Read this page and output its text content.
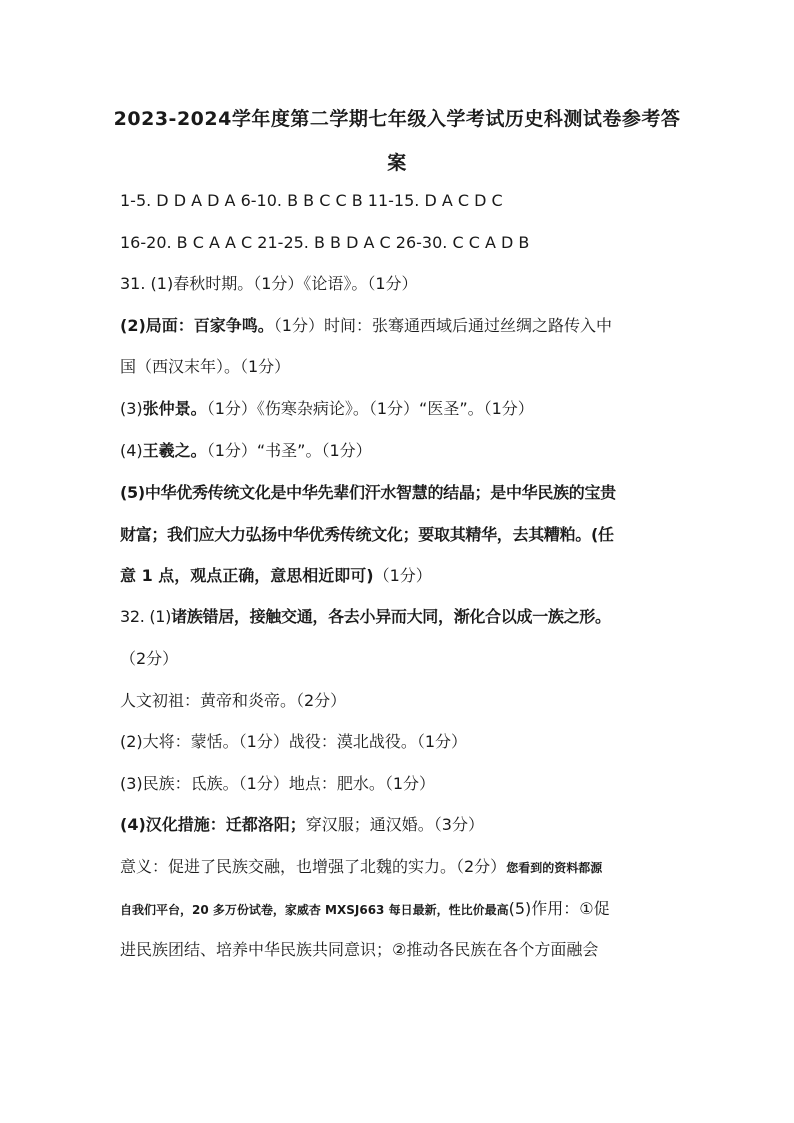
2023-2024学年度第二学期七年级入学考试历史科测试卷参考答
案
1-5. D D A D A 6-10. B B C C B 11-15. D A C D C
16-20. B C A A C 21-25. B B D A C 26-30. C C A D B
31. (1)春秋时期。（1分）《论语》。（1分）
(2)局面：百家争鸣。（1分）时间：张骞通西域后通过丝绸之路传入中
国（西汉末年）。（1分）
(3)张仲景。（1分）《伤寒杂病论》。（1分）“医圣”。（1分）
(4)王羲之。（1分）“书圣”。（1分）
(5)中华优秀传统文化是中华先辈们汗水智慧的结晶；是中华民族的宝贵
财富；我们应大力弘扬中华优秀传统文化；要取其精华，去其糟粕。(任
意 1 点，观点正确，意思相近即可)（1分）
32. (1)诸族错居，接触交通，各去小异而大同，渐化合以成一族之形。
（2分）
人文初祖：黄帝和炎帝。（2分）
(2)大将：蒙恬。（1分）战役：漠北战役。（1分）
(3)民族：氐族。（1分）地点：肥水。（1分）
(4)汉化措施：迁都洛阳；穿汉服；通汉婚。（3分）
意义：促进了民族交融，也增强了北魏的实力。（2分）您看到的资料都源
自我们平台，20 多万份试卷，家威杏 MXSJ663 每日最新，性比价最高(5)作用：①促
进民族团结、培养中华民族共同意识；②推动各民族在各个方面融会
